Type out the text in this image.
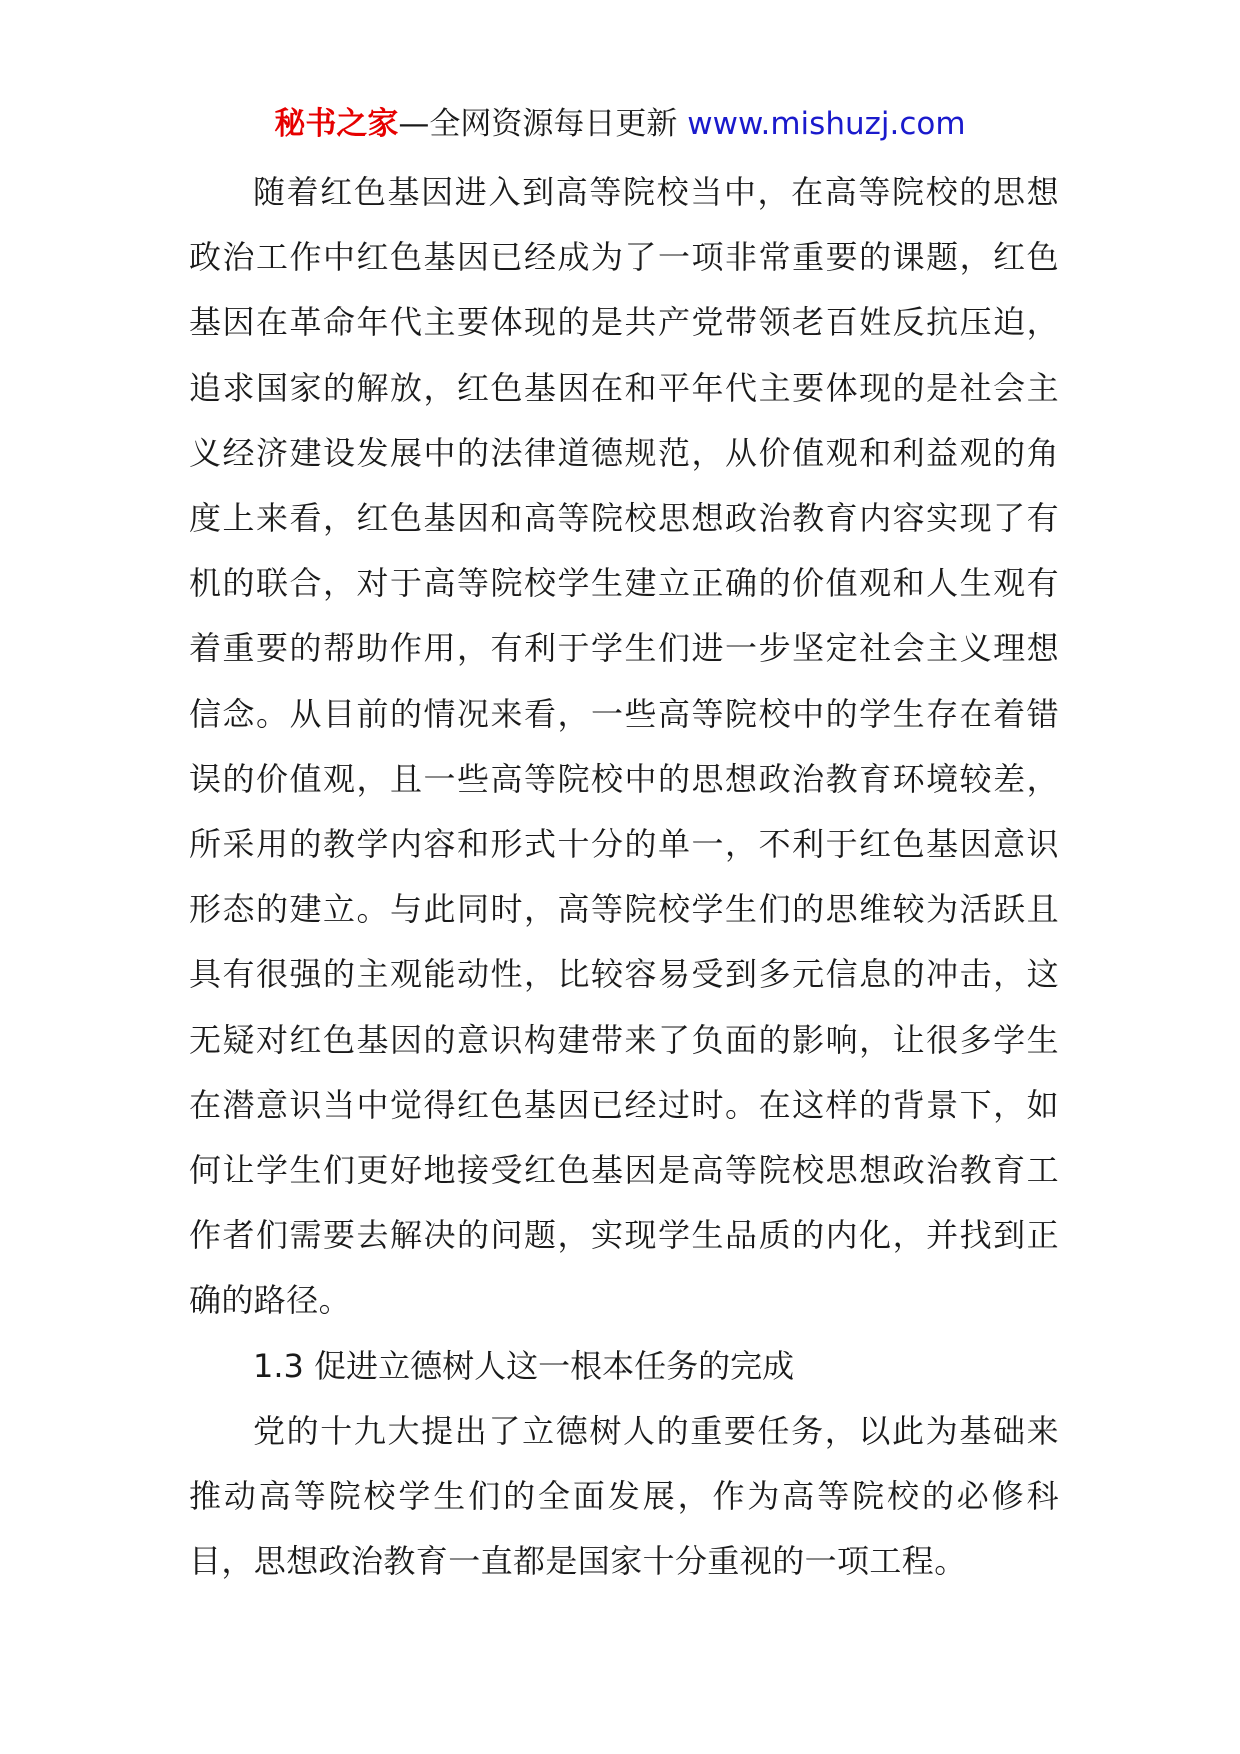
秘书之家—全网资源每日更新 www.mishuzj.com

随着红色基因进入到高等院校当中，在高等院校的思想政治工作中红色基因已经成为了一项非常重要的课题，红色基因在革命年代主要体现的是共产党带领老百姓反抗压迫，追求国家的解放，红色基因在和平年代主要体现的是社会主义经济建设发展中的法律道德规范，从价值观和利益观的角度上来看，红色基因和高等院校思想政治教育内容实现了有机的联合，对于高等院校学生建立正确的价值观和人生观有着重要的帮助作用，有利于学生们进一步坚定社会主义理想信念。从目前的情况来看，一些高等院校中的学生存在着错误的价值观，且一些高等院校中的思想政治教育环境较差，所采用的教学内容和形式十分的单一，不利于红色基因意识形态的建立。与此同时，高等院校学生们的思维较为活跃且具有很强的主观能动性，比较容易受到多元信息的冲击，这无疑对红色基因的意识构建带来了负面的影响，让很多学生在潜意识当中觉得红色基因已经过时。在这样的背景下，如何让学生们更好地接受红色基因是高等院校思想政治教育工作者们需要去解决的问题，实现学生品质的内化，并找到正确的路径。

1.3 促进立德树人这一根本任务的完成

党的十九大提出了立德树人的重要任务，以此为基础来推动高等院校学生们的全面发展，作为高等院校的必修科目，思想政治教育一直都是国家十分重视的一项工程。
